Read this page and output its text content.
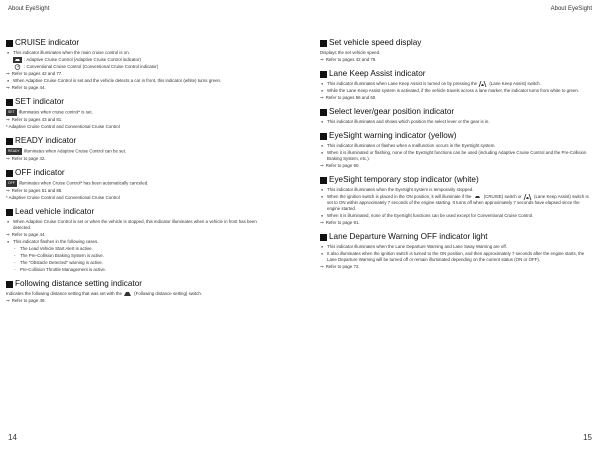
About EyeSight	About EyeSight
CRUISE indicator
● This indicator illuminates when the main cruise control is on.
: Adaptive Cruise Control (Adaptive Cruise Control indicator)
: Conventional Cruise Control (Conventional Cruise Control indicator)
⇒ Refer to pages 42 and 77.
● When Adaptive Cruise Control is set and the vehicle detects a car in front, this indicator (white) turns green.
⇒ Refer to page 44.
SET indicator
SET illuminates when cruise control* is set.
⇒ Refer to pages 43 and 81.
* Adaptive Cruise Control and Conventional Cruise Control
READY indicator
READY illuminates when Adaptive Cruise Control can be set.
⇒ Refer to page 42.
OFF indicator
OFF illuminates when Cruise Control* has been automatically canceled.
⇒ Refer to pages 51 and 85.
* Adaptive Cruise Control and Conventional Cruise Control
Lead vehicle indicator
● When Adaptive Cruise Control is set or when the vehicle is stopped, this indicator illuminates when a vehicle in front has been detected.
⇒ Refer to page 44.
● This indicator flashes in the following cases.
- The Lead Vehicle Start Alert is active.
- The Pre-Collision Braking System is active.
- The "Obstacle Detected" warning is active.
- Pre-Collision Throttle Management is active.
Following distance setting indicator
Indicates the following distance setting that was set with the	(Following distance setting) switch.
⇒ Refer to page 49.
Set vehicle speed display
Displays the set vehicle speed.
⇒ Refer to pages 42 and 79.
Lane Keep Assist indicator
● This indicator illuminates when Lane Keep Assist is turned on by pressing the	(Lane Keep Assist) switch.
● While the Lane Keep Assist system is activated, if the vehicle travels across a lane marker, the indicator turns from white to green.
⇒ Refer to pages 56 and 60.
Select lever/gear position indicator
● This indicator illuminates and shows which position the select lever or the gear is in.
EyeSight warning indicator (yellow)
● This indicator illuminates or flashes when a malfunction occurs in the EyeSight system.
● When it is illuminated or flashing, none of the EyeSight functions can be used (including Adaptive Cruise Control and the Pre-Collision Braking System, etc.).
⇒ Refer to page 90.
EyeSight temporary stop indicator (white)
● This indicator illuminates when the EyeSight system is temporarily stopped.
● When the ignition switch is placed in the ON position, it will illuminate if the	(CRUISE) switch or	(Lane Keep Assist) switch is set to ON within approximately 7 seconds of the engine starting. It turns off when approximately 7 seconds have elapsed since the engine started.
● When it is illuminated, none of the EyeSight functions can be used except for Conventional Cruise Control.
⇒ Refer to page 91.
Lane Departure Warning OFF indicator light
● This indicator illuminates when the Lane Departure Warning and Lane Sway Warning are off.
● It also illuminates when the ignition switch is turned to the ON position, and then approximately 7 seconds after the engine starts, the Lane Departure Warning will be turned off or remain illuminated depending on the current status (ON or OFF).
⇒ Refer to page 72.
14	15
